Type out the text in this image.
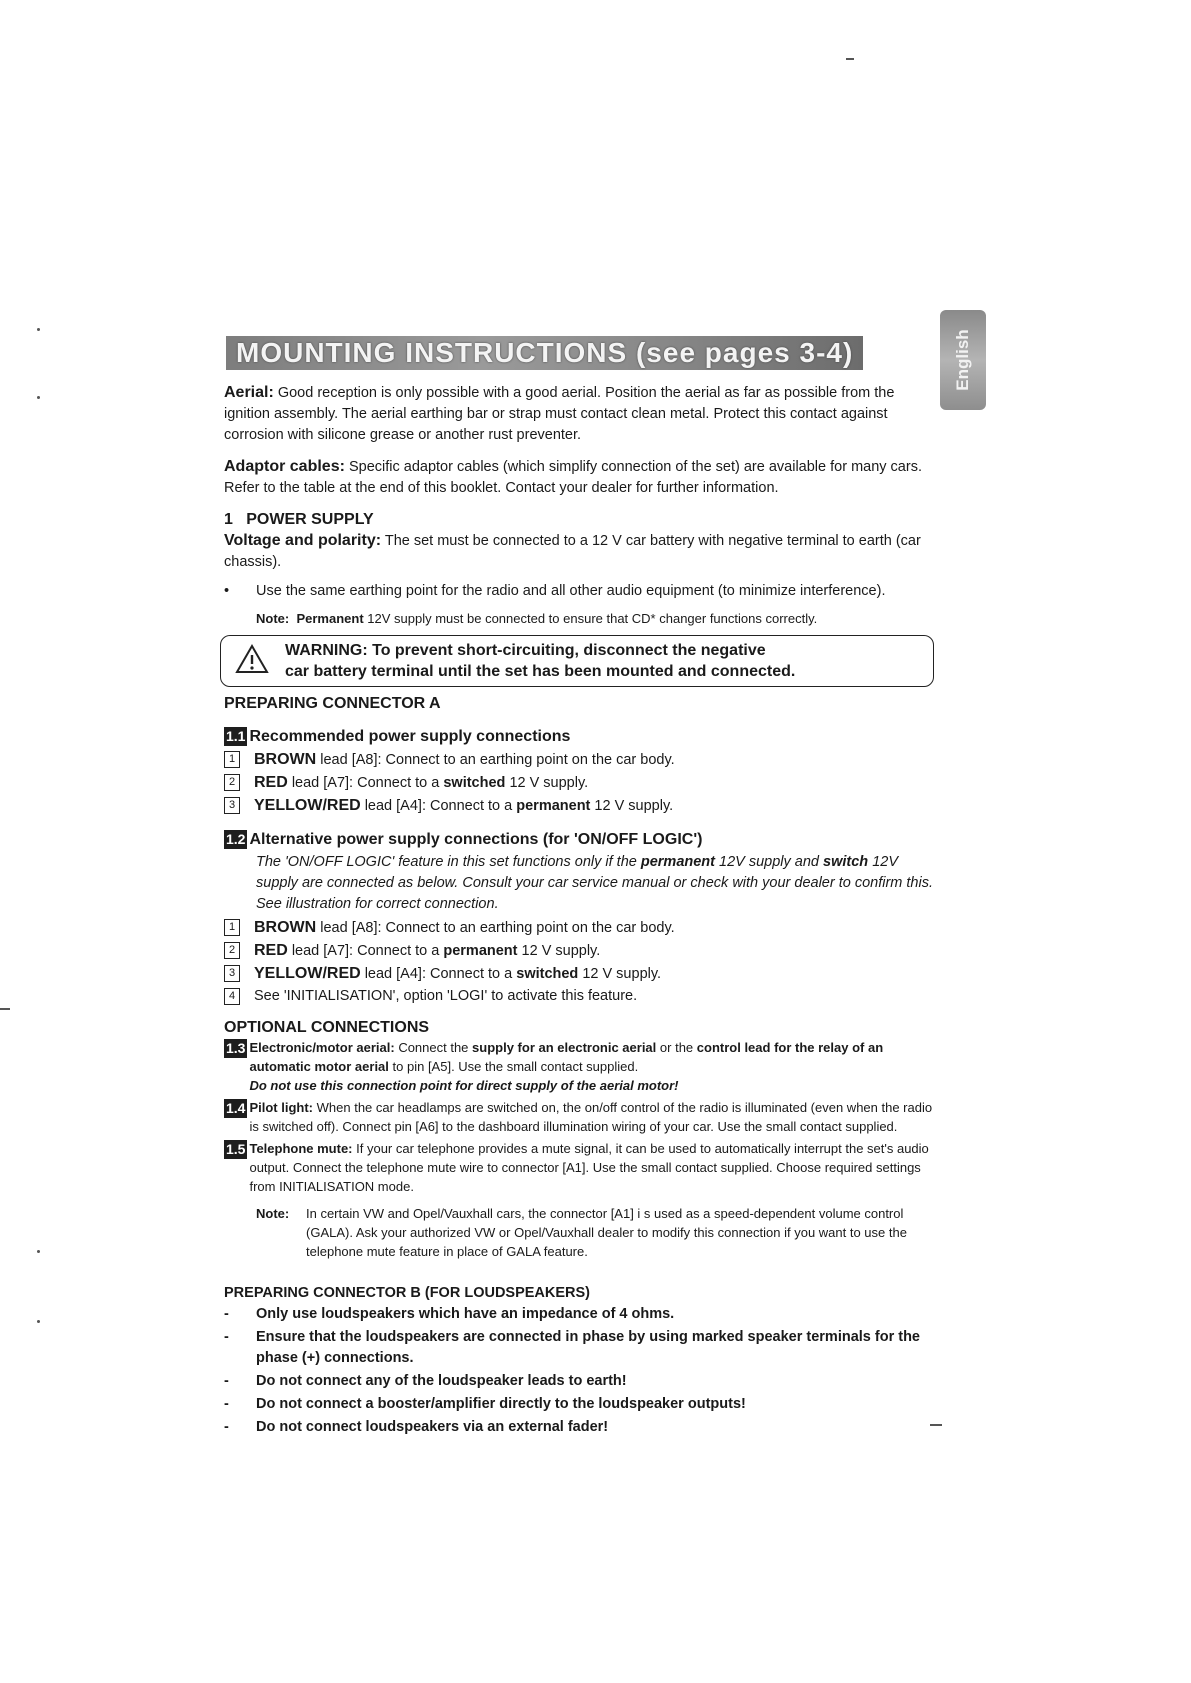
MOUNTING INSTRUCTIONS (see pages 3-4)	English

Aerial: Good reception is only possible with a good aerial. Position the aerial as far as possible from the ignition assembly. The aerial earthing bar or strap must contact clean metal. Protect this contact against corrosion with silicone grease or another rust preventer.

Adaptor cables: Specific adaptor cables (which simplify connection of the set) are available for many cars. Refer to the table at the end of this booklet. Contact your dealer for further information.

1   POWER SUPPLY

Voltage and polarity: The set must be connected to a 12 V car battery with negative terminal to earth (car chassis).

•	Use the same earthing point for the radio and all other audio equipment (to minimize interference).
Note: Permanent 12V supply must be connected to ensure that CD* changer functions correctly.
WARNING: To prevent short-circuiting, disconnect the negative
car battery terminal until the set has been mounted and connected.
PREPARING CONNECTOR A
1.1 Recommended power supply connections
1	BROWN lead [A8]: Connect to an earthing point on the car body.
2	RED lead [A7]: Connect to a switched 12 V supply.
3	YELLOW/RED lead [A4]: Connect to a permanent 12 V supply.
1.2 Alternative power supply connections (for 'ON/OFF LOGIC')
The 'ON/OFF LOGIC' feature in this set functions only if the permanent 12V supply and switch 12V supply are connected as below. Consult your car service manual or check with your dealer to confirm this. See illustration for correct connection.
1	BROWN lead [A8]: Connect to an earthing point on the car body.
2	RED lead [A7]: Connect to a permanent 12 V supply.
3	YELLOW/RED lead [A4]: Connect to a switched 12 V supply.
4	See 'INITIALISATION', option 'LOGI' to activate this feature.
OPTIONAL CONNECTIONS
1.3 Electronic/motor aerial: Connect the supply for an electronic aerial or the control lead for the relay of an automatic motor aerial to pin [A5]. Use the small contact supplied.
Do not use this connection point for direct supply of the aerial motor!
1.4 Pilot light: When the car headlamps are switched on, the on/off control of the radio is illuminated (even when the radio is switched off). Connect pin [A6] to the dashboard illumination wiring of your car. Use the small contact supplied.
1.5 Telephone mute: If your car telephone provides a mute signal, it can be used to automatically interrupt the set's audio output. Connect the telephone mute wire to connector [A1]. Use the small contact supplied. Choose required settings from INITIALISATION mode.
Note:	In certain VW and Opel/Vauxhall cars, the connector [A1] i s used as a speed-dependent volume control (GALA). Ask your authorized VW or Opel/Vauxhall dealer to modify this connection if you want to use the telephone mute feature in place of GALA feature.
PREPARING CONNECTOR B (FOR LOUDSPEAKERS)
-	Only use loudspeakers which have an impedance of 4 ohms.
-	Ensure that the loudspeakers are connected in phase by using marked speaker terminals for the phase (+) connections.
-	Do not connect any of the loudspeaker leads to earth!
-	Do not connect a booster/amplifier directly to the loudspeaker outputs!
-	Do not connect loudspeakers via an external fader!
